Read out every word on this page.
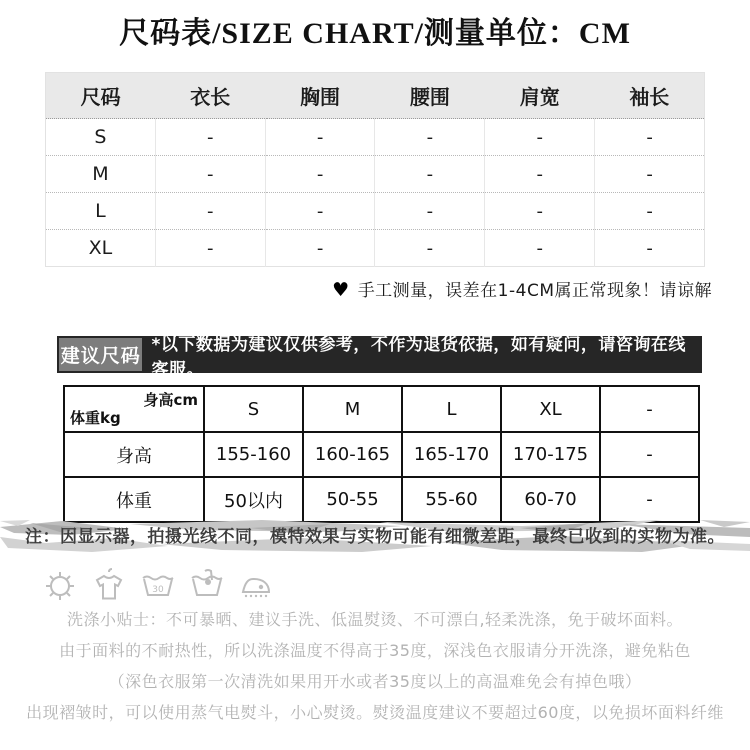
尺码表/SIZE CHART/测量单位：CM
尺码	衣长	胸围	腰围	肩宽	袖长
S	-	-	-	-	-
M	-	-	-	-	-
L	-	-	-	-	-
XL	-	-	-	-	-
♥ 手工测量，误差在1-4CM属正常现象！请谅解
建议尺码
*以下数据为建议仅供参考，不作为退货依据，如有疑问，请咨询在线客服。
身高cm
体重kg	S	M	L	XL	-
身高	155-160	160-165	165-170	170-175	-
体重	50以内	50-55	55-60	60-70	-
注：因显示器，拍摄光线不同，模特效果与实物可能有细微差距，最终已收到的实物为准。
30
洗涤小贴士：不可暴晒、建议手洗、低温熨烫、不可漂白,轻柔洗涤，免于破坏面料。
由于面料的不耐热性，所以洗涤温度不得高于35度，深浅色衣服请分开洗涤，避免粘色
（深色衣服第一次清洗如果用开水或者35度以上的高温难免会有掉色哦）
出现褶皱时，可以使用蒸气电熨斗，小心熨烫。熨烫温度建议不要超过60度，以免损坏面料纤维
